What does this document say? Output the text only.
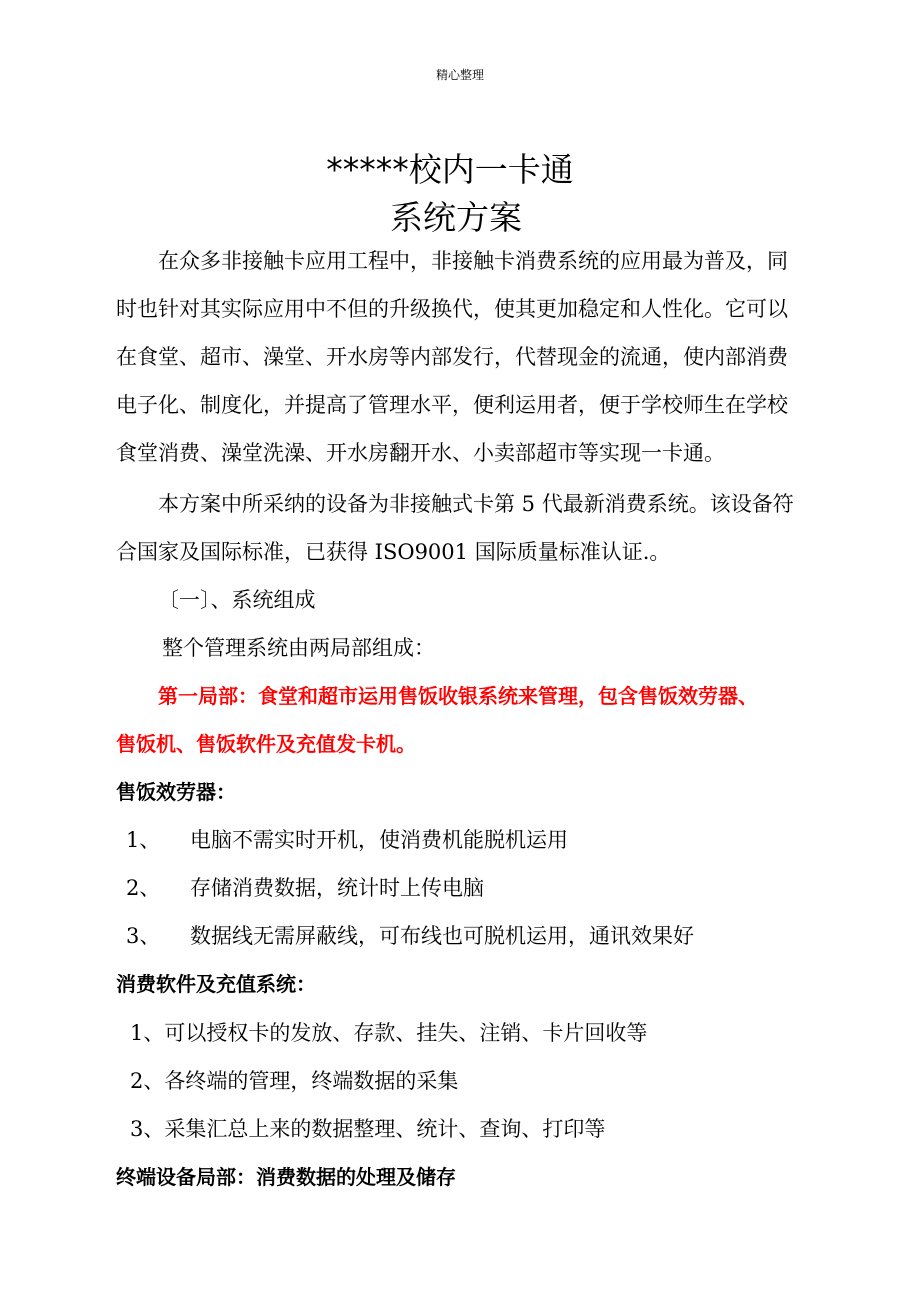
精心整理
*****校内一卡通
系统方案
在众多非接触卡应用工程中，非接触卡消费系统的应用最为普及，同
时也针对其实际应用中不但的升级换代，使其更加稳定和人性化。它可以
在食堂、超市、澡堂、开水房等内部发行，代替现金的流通，使内部消费
电子化、制度化，并提高了管理水平，便利运用者，便于学校师生在学校
食堂消费、澡堂洗澡、开水房翻开水、小卖部超市等实现一卡通。
本方案中所采纳的设备为非接触式卡第 5 代最新消费系统。该设备符
合国家及国际标准，已获得 ISO9001 国际质量标准认证.。
〔一〕、系统组成
整个管理系统由两局部组成：
第一局部：食堂和超市运用售饭收银系统来管理，包含售饭效劳器、
售饭机、售饭软件及充值发卡机。
售饭效劳器：
1、 电脑不需实时开机，使消费机能脱机运用
2、 存储消费数据，统计时上传电脑
3、 数据线无需屏蔽线，可布线也可脱机运用，通讯效果好
消费软件及充值系统：
1、可以授权卡的发放、存款、挂失、注销、卡片回收等
2、各终端的管理，终端数据的采集
3、采集汇总上来的数据整理、统计、查询、打印等
终端设备局部：消费数据的处理及储存
